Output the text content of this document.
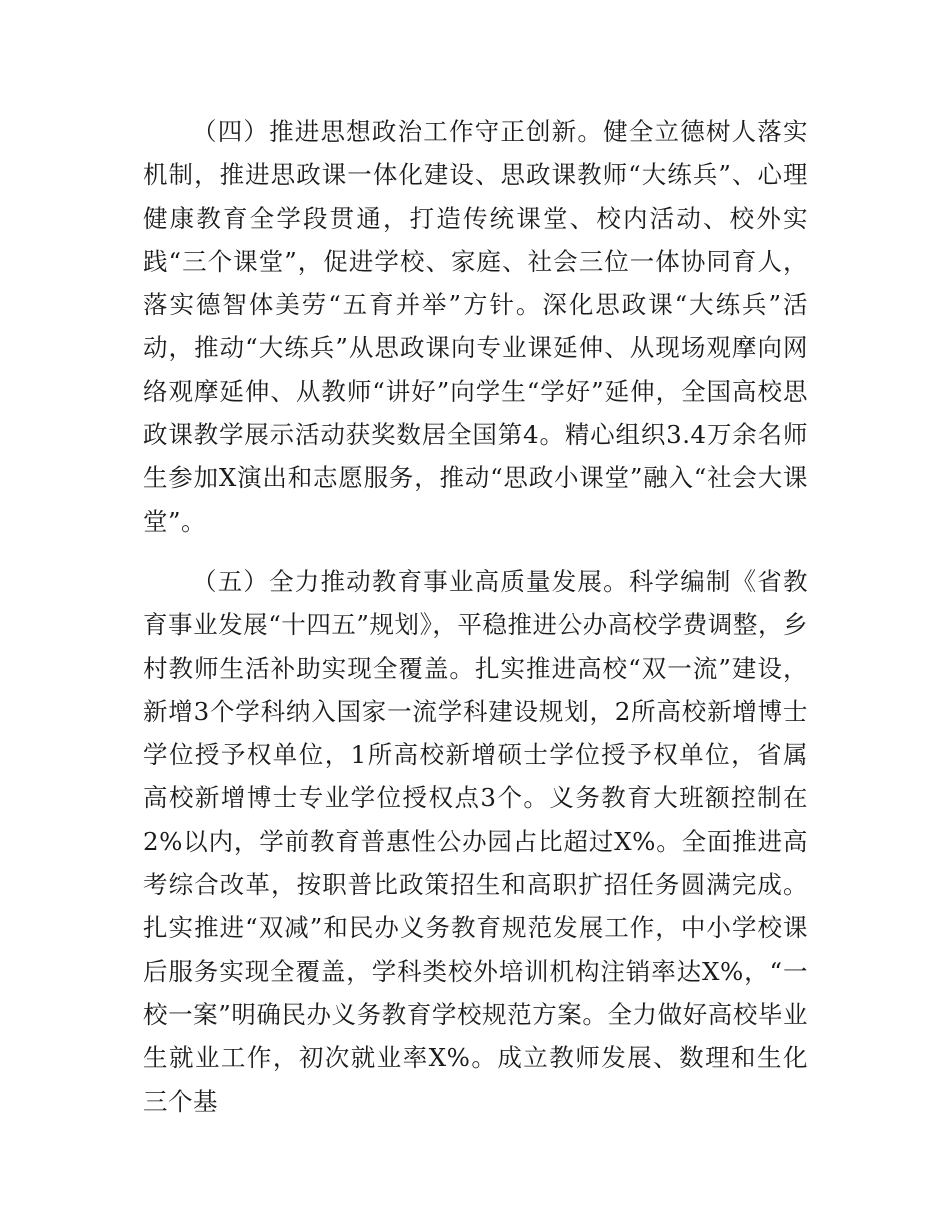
（四）推进思想政治工作守正创新。健全立德树人落实机制，推进思政课一体化建设、思政课教师“大练兵”、心理健康教育全学段贯通，打造传统课堂、校内活动、校外实践“三个课堂”，促进学校、家庭、社会三位一体协同育人，落实德智体美劳“五育并举”方针。深化思政课“大练兵”活动，推动“大练兵”从思政课向专业课延伸、从现场观摩向网络观摩延伸、从教师“讲好”向学生“学好”延伸，全国高校思政课教学展示活动获奖数居全国第4。精心组织3.4万余名师生参加X演出和志愿服务，推动“思政小课堂”融入“社会大课堂”。

（五）全力推动教育事业高质量发展。科学编制《省教育事业发展“十四五”规划》，平稳推进公办高校学费调整，乡村教师生活补助实现全覆盖。扎实推进高校“双一流”建设，新增3个学科纳入国家一流学科建设规划，2所高校新增博士学位授予权单位，1所高校新增硕士学位授予权单位，省属高校新增博士专业学位授权点3个。义务教育大班额控制在2%以内，学前教育普惠性公办园占比超过X%。全面推进高考综合改革，按职普比政策招生和高职扩招任务圆满完成。扎实推进“双减”和民办义务教育规范发展工作，中小学校课后服务实现全覆盖，学科类校外培训机构注销率达X%，“一校一案”明确民办义务教育学校规范方案。全力做好高校毕业生就业工作，初次就业率X%。成立教师发展、数理和生化三个基
